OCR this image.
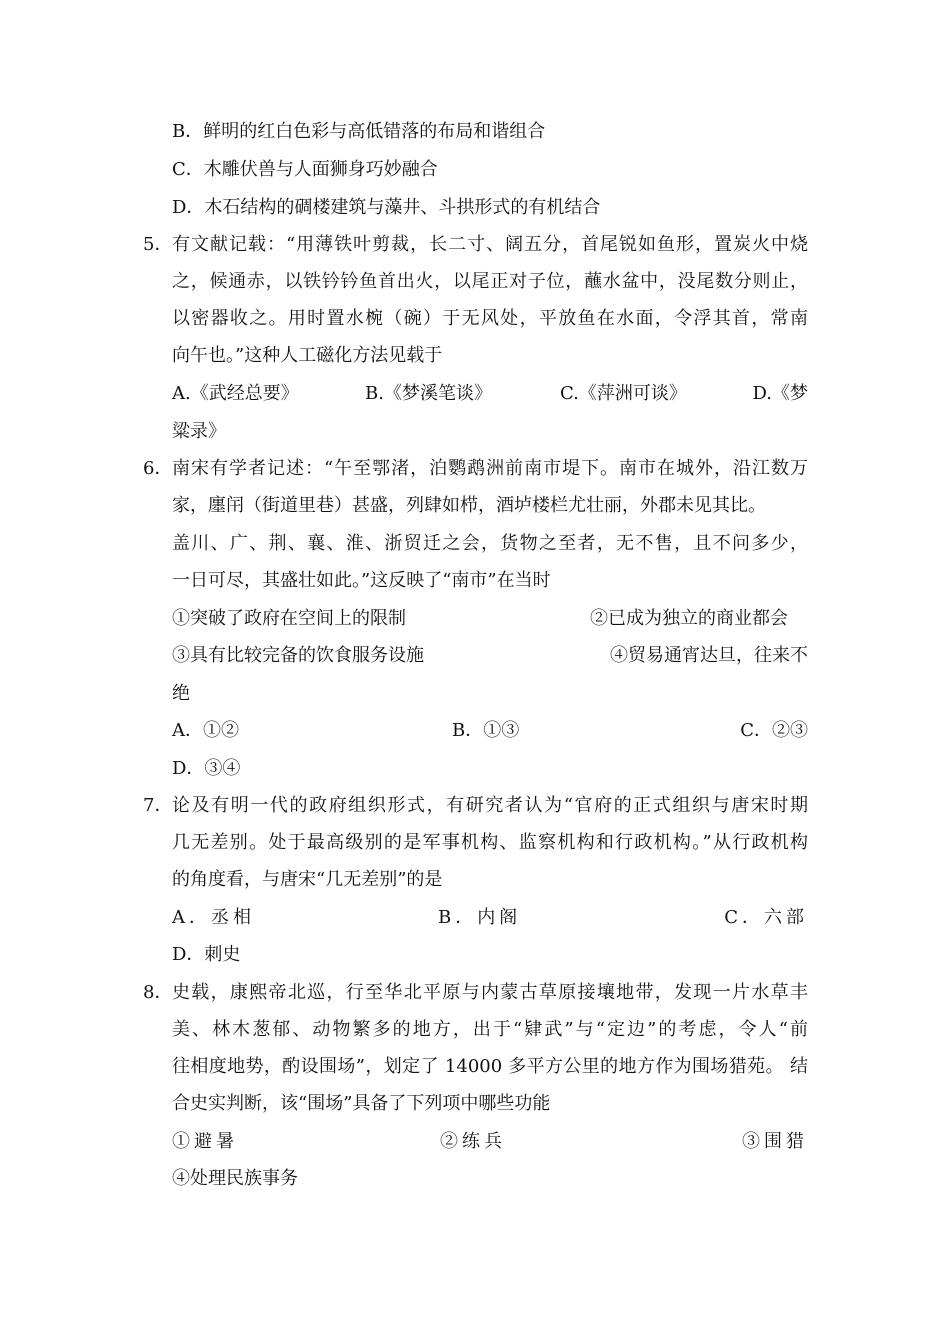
B．鲜明的红白色彩与高低错落的布局和谐组合
C．木雕伏兽与人面狮身巧妙融合
D．木石结构的碉楼建筑与藻井、斗拱形式的有机结合
5． 有文献记载：“用薄铁叶剪裁，长二寸、阔五分，首尾锐如鱼形，置炭火中烧
之，候通赤，以铁钤钤鱼首出火，以尾正对子位，蘸水盆中，没尾数分则止，
以密器收之。用时置水椀（碗）于无风处，平放鱼在水面，令浮其首，常南
向午也。”这种人工磁化方法见载于
A.《武经总要》	B.《梦溪笔谈》	C.《萍洲可谈》	D.《梦
粱录》
6． 南宋有学者记述：“午至鄂渚，泊鹦鹉洲前南市堤下。南市在城外，沿江数万
家，廛闬（街道里巷）甚盛，列肆如栉，酒垆楼栏尤壮丽，外郡未见其比。
盖川、广、荆、襄、淮、浙贸迁之会，货物之至者，无不售，且不问多少，
一日可尽，其盛壮如此。”这反映了“南市”在当时
①突破了政府在空间上的限制	②已成为独立的商业都会
③具有比较完备的饮食服务设施	④贸易通宵达旦，往来不
绝
A．①②	B．①③	C．②③
D．③④
7． 论及有明一代的政府组织形式，有研究者认为“官府的正式组织与唐宋时期
几无差别。处于最高级别的是军事机构、监察机构和行政机构。”从行政机构
的角度看，与唐宋“几无差别”的是
A．丞相	B．内阁	C．六部
D．刺史
8． 史载，康熙帝北巡，行至华北平原与内蒙古草原接壤地带，发现一片水草丰
美、林木葱郁、动物繁多的地方，出于“肄武”与“定边”的考虑，令人“前
往相度地势，酌设围场”，划定了 14000 多平方公里的地方作为围场猎苑。 结
合史实判断，该“围场”具备了下列项中哪些功能
①避暑	②练兵	③围猎
④处理民族事务
